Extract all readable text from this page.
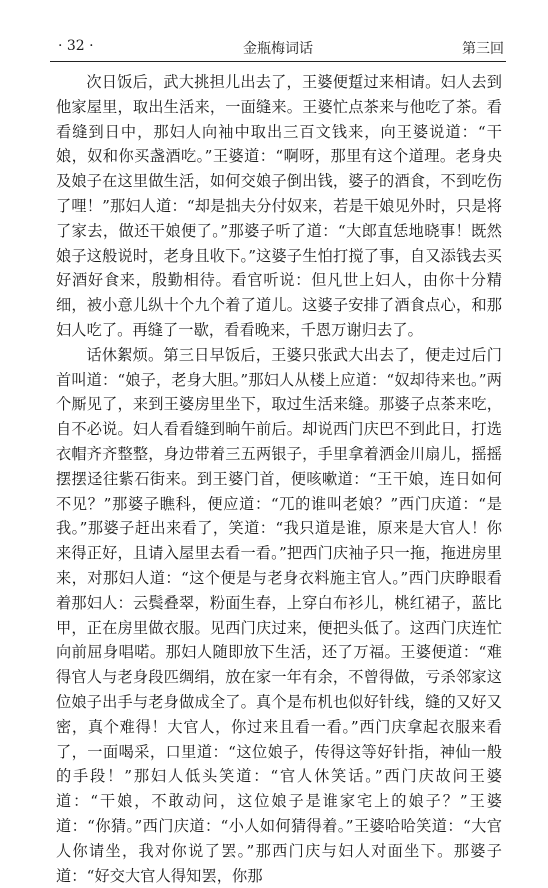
· 32 ·	金瓶梅词话	第三回

次日饭后，武大挑担儿出去了，王婆便踅过来相请。妇人去到他家屋里，取出生活来，一面缝来。王婆忙点茶来与他吃了茶。看看缝到日中，那妇人向袖中取出三百文钱来，向王婆说道：“干娘，奴和你买盏酒吃。”王婆道：“啊呀，那里有这个道理。老身央及娘子在这里做生活，如何交娘子倒出钱，婆子的酒食，不到吃伤了哩！”那妇人道：“却是拙夫分付奴来，若是干娘见外时，只是将了家去，做还干娘便了。”那婆子听了道：“大郎直恁地晓事！既然娘子这般说时，老身且收下。”这婆子生怕打搅了事，自又添钱去买好酒好食来，殷勤相待。看官听说：但凡世上妇人，由你十分精细，被小意儿纵十个九个着了道儿。这婆子安排了酒食点心，和那妇人吃了。再缝了一歇，看看晚来，千恩万谢归去了。

话休絮烦。第三日早饭后，王婆只张武大出去了，便走过后门首叫道：“娘子，老身大胆。”那妇人从楼上应道：“奴却待来也。”两个厮见了，来到王婆房里坐下，取过生活来缝。那婆子点茶来吃，自不必说。妇人看看缝到晌午前后。却说西门庆巴不到此日，打选衣帽齐齐整整，身边带着三五两银子，手里拿着洒金川扇儿，摇摇摆摆迳往紫石街来。到王婆门首，便咳嗽道：“王干娘，连日如何不见？”那婆子瞧科，便应道：“兀的谁叫老娘？”西门庆道：“是我。”那婆子赶出来看了，笑道：“我只道是谁，原来是大官人！你来得正好，且请入屋里去看一看。”把西门庆袖子只一拖，拖进房里来，对那妇人道：“这个便是与老身衣料施主官人。”西门庆睁眼看着那妇人：云鬓叠翠，粉面生春，上穿白布衫儿，桃红裙子，蓝比甲，正在房里做衣服。见西门庆过来，便把头低了。这西门庆连忙向前屈身唱喏。那妇人随即放下生活，还了万福。王婆便道：“难得官人与老身段匹绸绢，放在家一年有余，不曾得做，亏杀邻家这位娘子出手与老身做成全了。真个是布机也似好针线，缝的又好又密，真个难得！大官人，你过来且看一看。”西门庆拿起衣服来看了，一面喝采，口里道：“这位娘子，传得这等好针指，神仙一般的手段！”那妇人低头笑道：“官人休笑话。”西门庆故问王婆道：“干娘，不敢动问，这位娘子是谁家宅上的娘子？”王婆道：“你猜。”西门庆道：“小人如何猜得着。”王婆哈哈笑道：“大官人你请坐，我对你说了罢。”那西门庆与妇人对面坐下。那婆子道：“好交大官人得知罢，你那
